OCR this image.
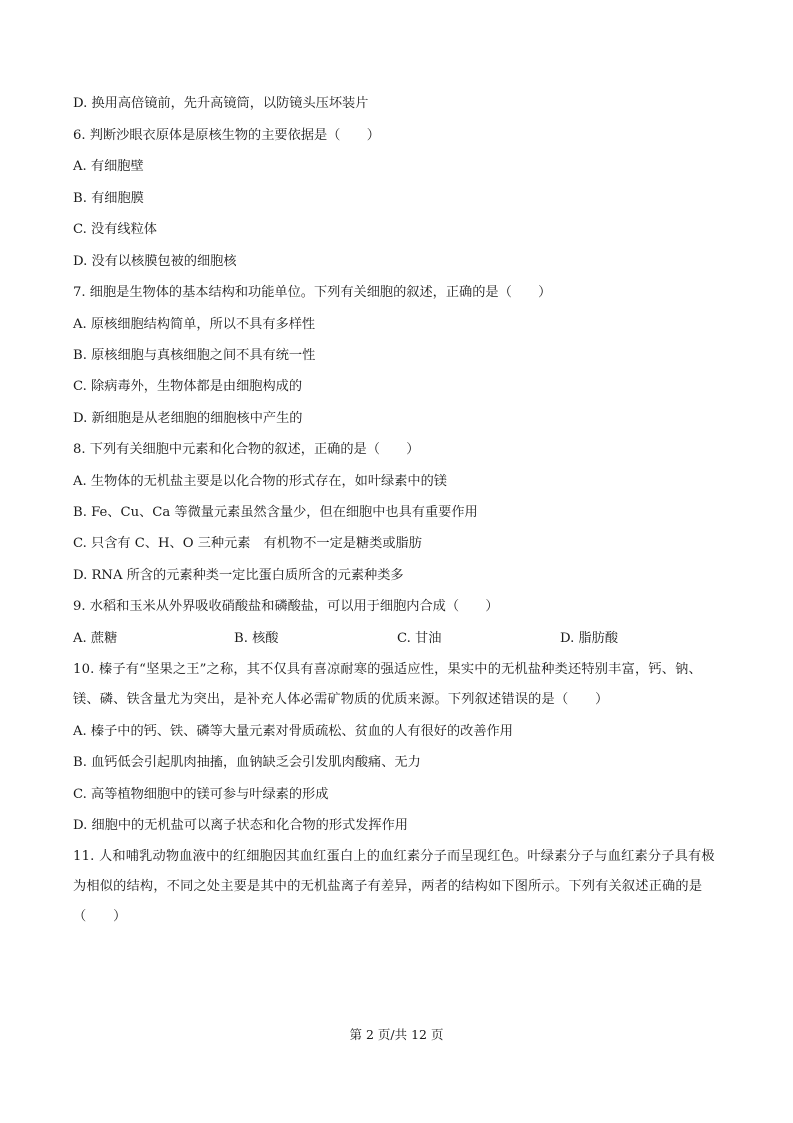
D. 换用高倍镜前，先升高镜筒，以防镜头压坏装片
6. 判断沙眼衣原体是原核生物的主要依据是（　　）
A. 有细胞壁
B. 有细胞膜
C. 没有线粒体
D. 没有以核膜包被的细胞核
7. 细胞是生物体的基本结构和功能单位。下列有关细胞的叙述，正确的是（　　）
A. 原核细胞结构简单，所以不具有多样性
B. 原核细胞与真核细胞之间不具有统一性
C. 除病毒外，生物体都是由细胞构成的
D. 新细胞是从老细胞的细胞核中产生的
8. 下列有关细胞中元素和化合物的叙述，正确的是（　　）
A. 生物体的无机盐主要是以化合物的形式存在，如叶绿素中的镁
B. Fe、Cu、Ca 等微量元素虽然含量少，但在细胞中也具有重要作用
C. 只含有 C、H、O 三种元素　有机物不一定是糖类或脂肪
D. RNA 所含的元素种类一定比蛋白质所含的元素种类多
9. 水稻和玉米从外界吸收硝酸盐和磷酸盐，可以用于细胞内合成（　　）
A. 蔗糖	B. 核酸	C. 甘油	D. 脂肪酸
10. 榛子有“坚果之王”之称，其不仅具有喜凉耐寒的强适应性，果实中的无机盐种类还特别丰富，钙、钠、镁、磷、铁含量尤为突出，是补充人体必需矿物质的优质来源。下列叙述错误的是（　　）
A. 榛子中的钙、铁、磷等大量元素对骨质疏松、贫血的人有很好的改善作用
B. 血钙低会引起肌肉抽搐，血钠缺乏会引发肌肉酸痛、无力
C. 高等植物细胞中的镁可参与叶绿素的形成
D. 细胞中的无机盐可以离子状态和化合物的形式发挥作用
11. 人和哺乳动物血液中的红细胞因其血红蛋白上的血红素分子而呈现红色。叶绿素分子与血红素分子具有极为相似的结构，不同之处主要是其中的无机盐离子有差异，两者的结构如下图所示。下列有关叙述正确的是（　　）
第 2 页/共 12 页
